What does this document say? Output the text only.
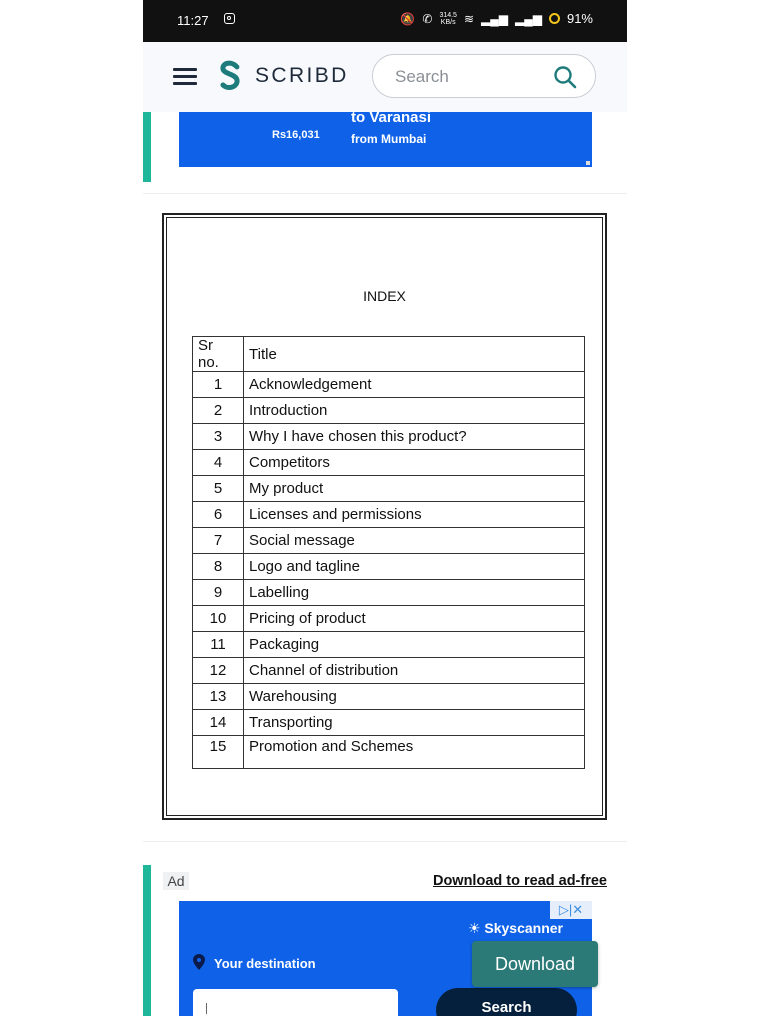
11:27	🔕 ✆ 314.5
KB/s ≋ ▂▄▆ ▂▄▆ 91%
SCRIBD
Search
Rs16,031
to Varanasi
from Mumbai
INDEX
Sr no.	Title
1	Acknowledgement
2	Introduction
3	Why I have chosen this product?
4	Competitors
5	My product
6	Licenses and permissions
7	Social message
8	Logo and tagline
9	Labelling
10	Pricing of product
11	Packaging
12	Channel of distribution
13	Warehousing
14	Transporting
15	Promotion and Schemes
Ad	Download to read ad-free
▷|✕
☀ Skyscanner
Your destination
Search
Download
